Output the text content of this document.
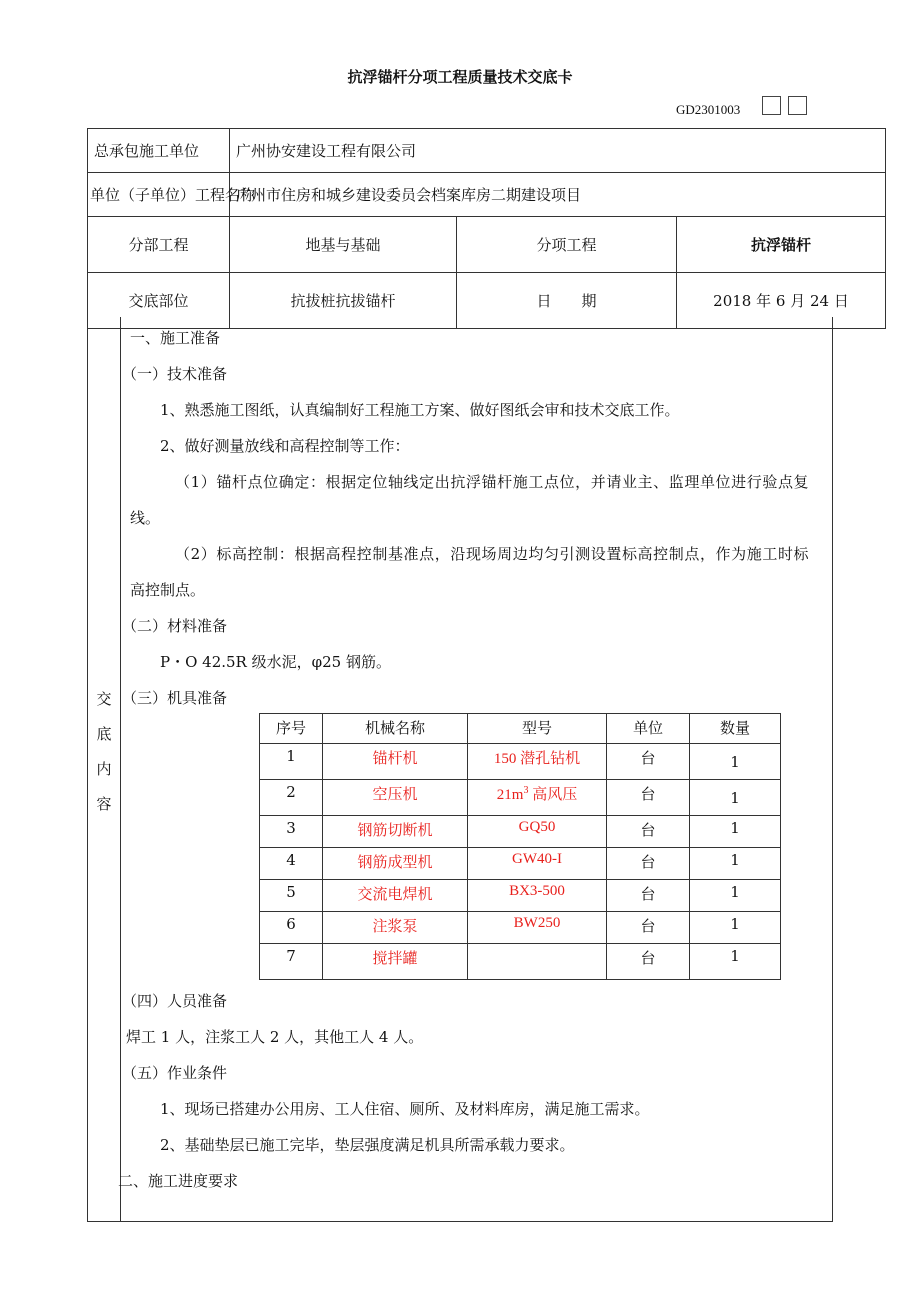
抗浮锚杆分项工程质量技术交底卡
GD2301003
总承包施工单位	广州协安建设工程有限公司		
单位（子单位）工程名称	广州市住房和城乡建设委员会档案库房二期建设项目		
分部工程	地基与基础	分项工程	抗浮锚杆
交底部位	抗拔桩抗拔锚杆	日　　期	2018 年 6 月 24 日
交
底
内
容
一、施工准备
（一）技术准备
1、熟悉施工图纸，认真编制好工程施工方案、做好图纸会审和技术交底工作。
2、做好测量放线和高程控制等工作：
（1）锚杆点位确定：根据定位轴线定出抗浮锚杆施工点位，并请业主、监理单位进行验点复
线。
（2）标高控制：根据高程控制基准点，沿现场周边均匀引测设置标高控制点，作为施工时标
高控制点。
（二）材料准备
P・O 42.5R 级水泥，φ25 钢筋。
（三）机具准备
序号	机械名称	型号	单位	数量
1	锚杆机	150 潜孔钻机	台	1
2	空压机	$21m^3$ 高风压	台	1
3	钢筋切断机	GQ50	台	1
4	钢筋成型机	GW40-I	台	1
5	交流电焊机	BX3-500	台	1
6	注浆泵	BW250	台	1
7	搅拌罐		台	1
（四）人员准备
焊工 1 人，注浆工人 2 人，其他工人 4 人。
（五）作业条件
1、现场已搭建办公用房、工人住宿、厕所、及材料库房，满足施工需求。
2、基础垫层已施工完毕，垫层强度满足机具所需承载力要求。
二、施工进度要求
